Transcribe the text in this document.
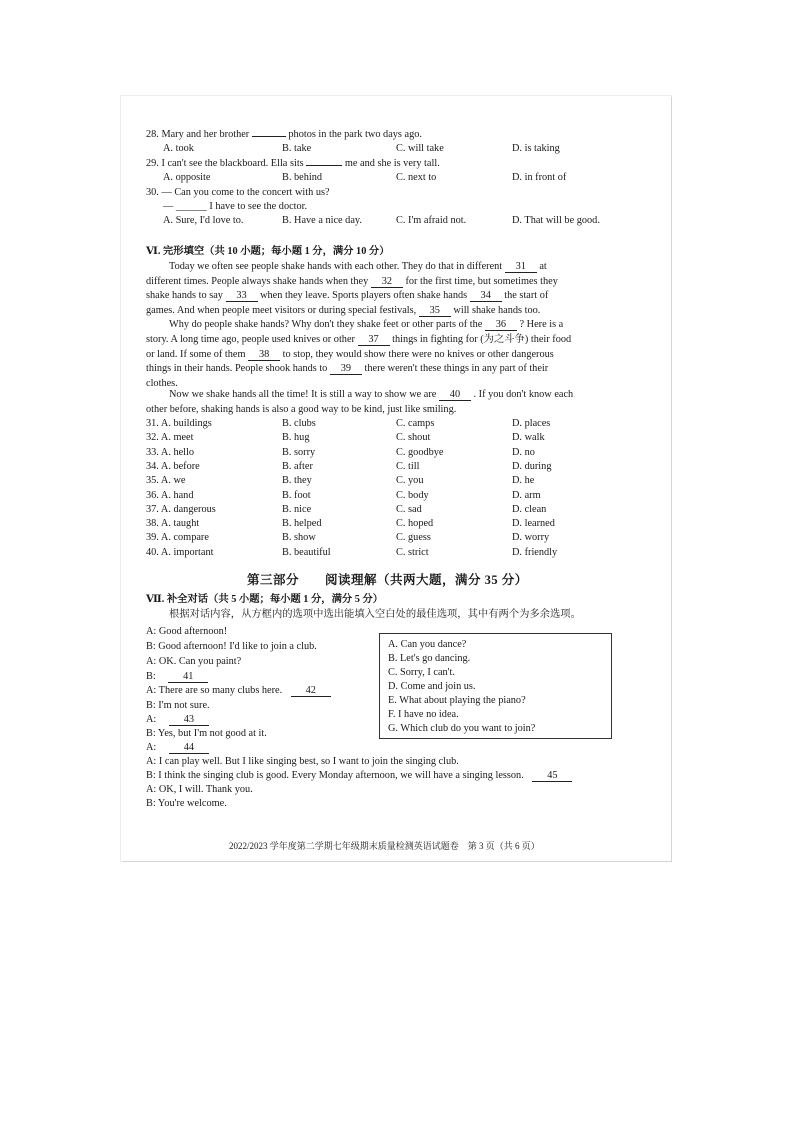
28. Mary and her brother	photos in the park two days ago.
A. took	B. take	C. will take	D. is taking
29. I can't see the blackboard. Ella sits	me and she is very tall.
A. opposite	B. behind	C. next to	D. in front of
30. — Can you come to the concert with us?
— ______ I have to see the doctor.
A. Sure, I'd love to.	B. Have a nice day.	C. I'm afraid not.	D. That will be good.
Ⅵ. 完形填空（共 10 小题；每小题 1 分，满分 10 分）
Today we often see people shake hands with each other. They do that in different 31 at
different times. People always shake hands when they 32 for the first time, but sometimes they
shake hands to say 33 when they leave. Sports players often shake hands 34 the start of
games. And when people meet visitors or during special festivals, 35 will shake hands too.
Why do people shake hands? Why don't they shake feet or other parts of the 36 ? Here is a
story. A long time ago, people used knives or other 37 things in fighting for (为之斗争) their food
or land. If some of them 38 to stop, they would show there were no knives or other dangerous
things in their hands. People shook hands to 39 there weren't these things in any part of their
clothes.
Now we shake hands all the time! It is still a way to show we are 40 . If you don't know each
other before, shaking hands is also a good way to be kind, just like smiling.
31. A. buildings	B. clubs	C. camps	D. places
32. A. meet	B. hug	C. shout	D. walk
33. A. hello	B. sorry	C. goodbye	D. no
34. A. before	B. after	C. till	D. during
35. A. we	B. they	C. you	D. he
36. A. hand	B. foot	C. body	D. arm
37. A. dangerous	B. nice	C. sad	D. clean
38. A. taught	B. helped	C. hoped	D. learned
39. A. compare	B. show	C. guess	D. worry
40. A. important	B. beautiful	C. strict	D. friendly
第三部分　　阅读理解（共两大题，满分 35 分）
Ⅶ. 补全对话（共 5 小题；每小题 1 分，满分 5 分）
根据对话内容，从方框内的选项中选出能填入空白处的最佳选项，其中有两个为多余选项。
A: Good afternoon!
B: Good afternoon! I'd like to join a club.
A: OK. Can you paint?
B:	41
A: There are so many clubs here. 42
B: I'm not sure.
A:	43
B: Yes, but I'm not good at it.
A:	44
A: I can play well. But I like singing best, so I want to join the singing club.
B: I think the singing club is good. Every Monday afternoon, we will have a singing lesson. 45
A: OK, I will. Thank you.
B: You're welcome.
A. Can you dance?
B. Let's go dancing.
C. Sorry, I can't.
D. Come and join us.
E. What about playing the piano?
F. I have no idea.
G. Which club do you want to join?
2022/2023 学年度第二学期七年级期末质量检测英语试题卷　第 3 页（共 6 页）
